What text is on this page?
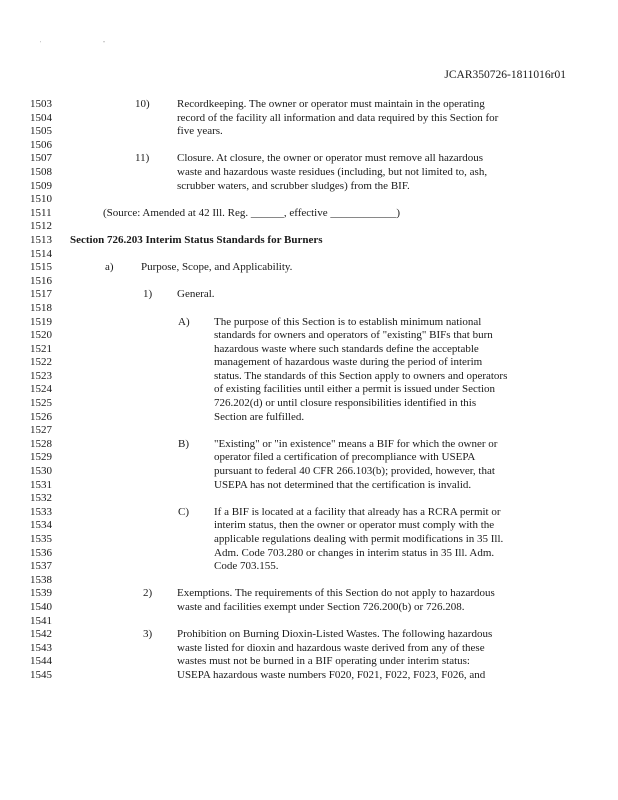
' "
JCAR350726-1811016r01
1503	10) Recordkeeping. The owner or operator must maintain in the operating
1504	record of the facility all information and data required by this Section for
1505	five years.
1506
1507	11)	Closure. At closure, the owner or operator must remove all hazardous
1508	waste and hazardous waste residues (including, but not limited to, ash,
1509	scrubber waters, and scrubber sludges) from the BIF.
1510
1511	(Source: Amended at 42 Ill. Reg. ______, effective ____________)
1512
1513	Section 726.203 Interim Status Standards for Burners
1514
1515	a) Purpose, Scope, and Applicability.
1516
1517	1) General.
1518
1519	A) The purpose of this Section is to establish minimum national
1520	standards for owners and operators of "existing" BIFs that burn
1521	hazardous waste where such standards define the acceptable
1522	management of hazardous waste during the period of interim
1523	status. The standards of this Section apply to owners and operators
1524	of existing facilities until either a permit is issued under Section
1525	726.202(d) or until closure responsibilities identified in this
1526	Section are fulfilled.
1527
1528	B) "Existing" or "in existence" means a BIF for which the owner or
1529	operator filed a certification of precompliance with USEPA
1530	pursuant to federal 40 CFR 266.103(b); provided, however, that
1531	USEPA has not determined that the certification is invalid.
1532
1533	C) If a BIF is located at a facility that already has a RCRA permit or
1534	interim status, then the owner or operator must comply with the
1535	applicable regulations dealing with permit modifications in 35 Ill.
1536	Adm. Code 703.280 or changes in interim status in 35 Ill. Adm.
1537	Code 703.155.
1538
1539	2) Exemptions. The requirements of this Section do not apply to hazardous
1540	waste and facilities exempt under Section 726.200(b) or 726.208.
1541
1542	3) Prohibition on Burning Dioxin-Listed Wastes. The following hazardous
1543	waste listed for dioxin and hazardous waste derived from any of these
1544	wastes must not be burned in a BIF operating under interim status:
1545	USEPA hazardous waste numbers F020, F021, F022, F023, F026, and
